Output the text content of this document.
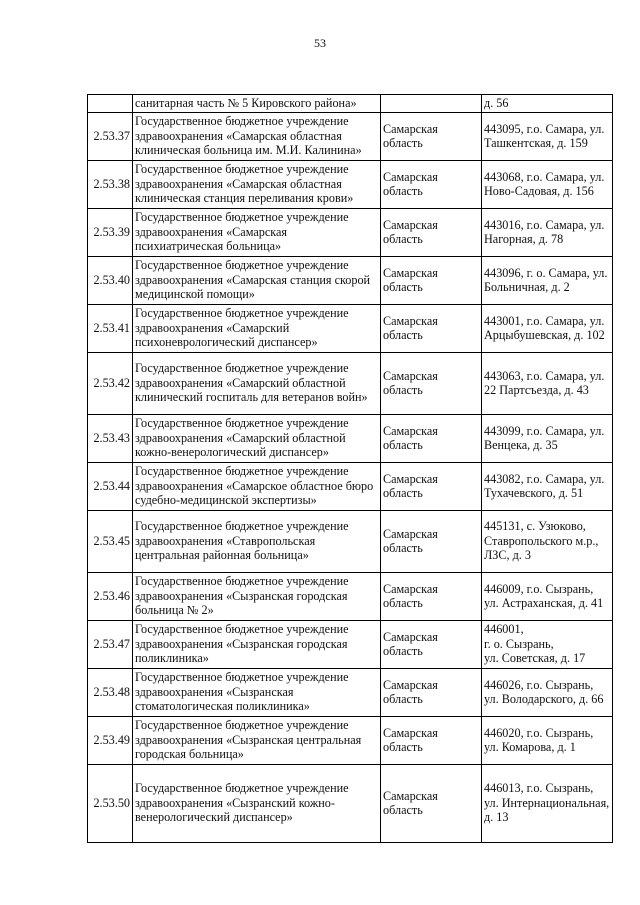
53
	санитарная часть № 5 Кировского района»		д. 56
2.53.37	Государственное бюджетное учреждение здравоохранения «Самарская областная клиническая больница им. М.И. Калинина»	Самарская область	443095, г.о. Самара, ул. Ташкентская, д. 159
2.53.38	Государственное бюджетное учреждение здравоохранения «Самарская областная клиническая станция переливания крови»	Самарская область	443068, г.о. Самара, ул. Ново-Садовая, д. 156
2.53.39	Государственное бюджетное учреждение здравоохранения «Самарская психиатрическая больница»	Самарская область	443016, г.о. Самара, ул. Нагорная, д. 78
2.53.40	Государственное бюджетное учреждение здравоохранения «Самарская станция скорой медицинской помощи»	Самарская область	443096, г. о. Самара, ул. Больничная, д. 2
2.53.41	Государственное бюджетное учреждение здравоохранения «Самарский психоневрологический диспансер»	Самарская область	443001, г.о. Самара, ул. Арцыбушевская, д. 102
2.53.42	Государственное бюджетное учреждение здравоохранения «Самарский областной клинический госпиталь для ветеранов войн»	Самарская область	443063, г.о. Самара, ул. 22 Партсъезда, д. 43
2.53.43	Государственное бюджетное учреждение здравоохранения «Самарский областной кожно-венерологический диспансер»	Самарская область	443099, г.о. Самара, ул. Венцека, д. 35
2.53.44	Государственное бюджетное учреждение здравоохранения «Самарское областное бюро судебно-медицинской экспертизы»	Самарская область	443082, г.о. Самара, ул. Тухачевского, д. 51
2.53.45	Государственное бюджетное учреждение здравоохранения «Ставропольская центральная районная больница»	Самарская область	445131, с. Узюково, Ставропольского м.р., ЛЗС, д. 3
2.53.46	Государственное бюджетное учреждение здравоохранения «Сызранская городская больница № 2»	Самарская область	446009, г.о. Сызрань, ул. Астраханская, д. 41
2.53.47	Государственное бюджетное учреждение здравоохранения «Сызранская городская поликлиника»	Самарская область	446001,
г. о. Сызрань,
ул. Советская, д. 17
2.53.48	Государственное бюджетное учреждение здравоохранения «Сызранская стоматологическая поликлиника»	Самарская область	446026, г.о. Сызрань, ул. Володарского, д. 66
2.53.49	Государственное бюджетное учреждение здравоохранения «Сызранская центральная городская больница»	Самарская область	446020, г.о. Сызрань, ул. Комарова, д. 1
2.53.50	Государственное бюджетное учреждение здравоохранения «Сызранский кожно-венерологический диспансер»	Самарская область	446013, г.о. Сызрань, ул. Интернациональная, д. 13
